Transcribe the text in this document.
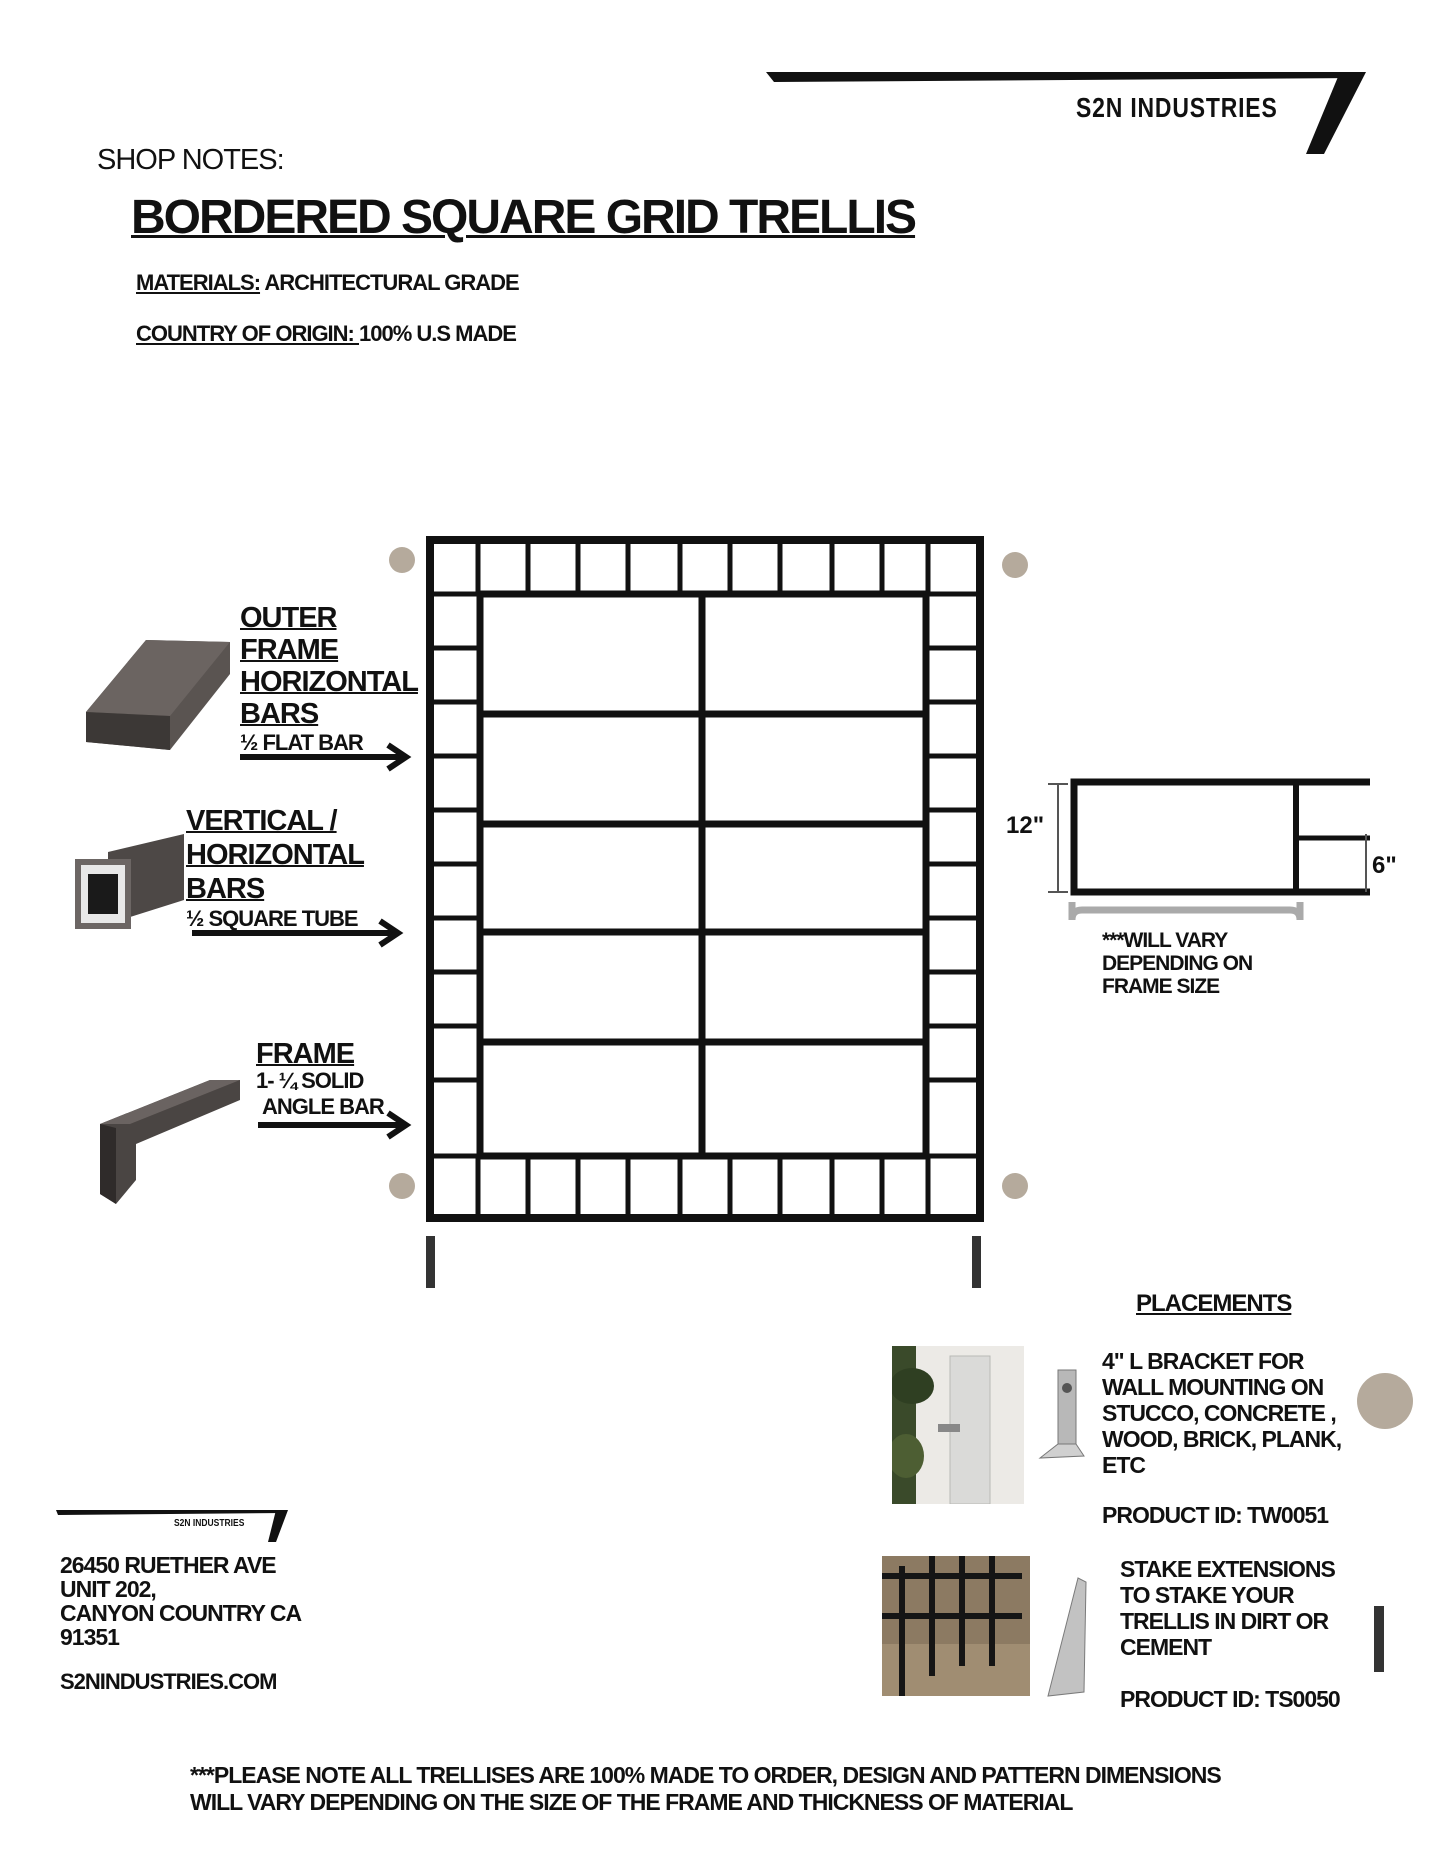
S2N INDUSTRIES
SHOP NOTES:
BORDERED SQUARE GRID TRELLIS
MATERIALS: ARCHITECTURAL GRADE
COUNTRY OF ORIGIN: 100% U.S MADE
OUTER
FRAME
HORIZONTAL
BARS
½ FLAT BAR
VERTICAL /
HORIZONTAL
BARS
½ SQUARE TUBE
FRAME
1- ¼ SOLID
ANGLE BAR
12"
6"
***WILL VARY
DEPENDING ON
FRAME SIZE
PLACEMENTS
4" L BRACKET FOR
WALL MOUNTING ON
STUCCO, CONCRETE ,
WOOD, BRICK, PLANK,
ETC
PRODUCT ID: TW0051
STAKE EXTENSIONS
TO STAKE YOUR
TRELLIS IN DIRT OR
CEMENT
PRODUCT ID: TS0050
S2N INDUSTRIES
26450 RUETHER AVE
UNIT 202,
CANYON COUNTRY CA
91351
S2NINDUSTRIES.COM
***PLEASE NOTE ALL TRELLISES ARE 100% MADE TO ORDER, DESIGN AND PATTERN DIMENSIONS
WILL VARY DEPENDING ON THE SIZE OF THE FRAME AND THICKNESS OF MATERIAL
